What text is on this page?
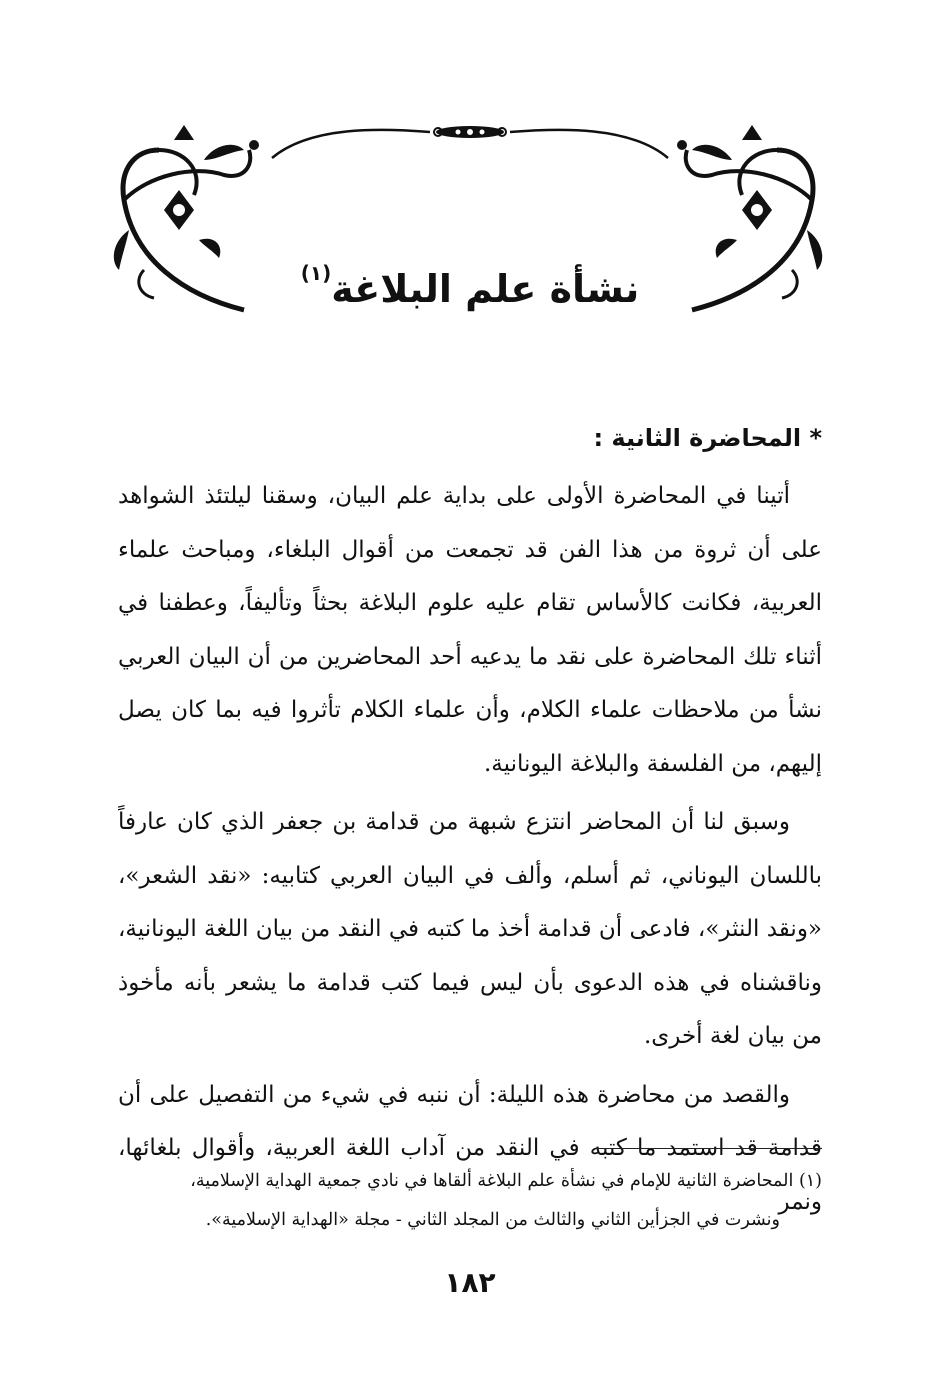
نشأة علم البلاغة$^{(١)}$
* المحاضرة الثانية :

أتينا في المحاضرة الأولى على بداية علم البيان، وسقنا ليلتئذ الشواهد على أن ثروة من هذا الفن قد تجمعت من أقوال البلغاء، ومباحث علماء العربية، فكانت كالأساس تقام عليه علوم البلاغة بحثاً وتأليفاً، وعطفنا في أثناء تلك المحاضرة على نقد ما يدعيه أحد المحاضرين من أن البيان العربي نشأ من ملاحظات علماء الكلام، وأن علماء الكلام تأثروا فيه بما كان يصل إليهم، من الفلسفة والبلاغة اليونانية.

وسبق لنا أن المحاضر انتزع شبهة من قدامة بن جعفر الذي كان عارفاً باللسان اليوناني، ثم أسلم، وألف في البيان العربي كتابيه: «نقد الشعر»، «ونقد النثر»، فادعى أن قدامة أخذ ما كتبه في النقد من بيان اللغة اليونانية، وناقشناه في هذه الدعوى بأن ليس فيما كتب قدامة ما يشعر بأنه مأخوذ من بيان لغة أخرى.

والقصد من محاضرة هذه الليلة: أن ننبه في شيء من التفصيل على أن قدامة قد استمد ما كتبه في النقد من آداب اللغة العربية، وأقوال بلغائها، ونمر

(١) المحاضرة الثانية للإمام في نشأة علم البلاغة ألقاها في نادي جمعية الهداية الإسلامية،
ونشرت في الجزأين الثاني والثالث من المجلد الثاني - مجلة «الهداية الإسلامية».
١٨٢
